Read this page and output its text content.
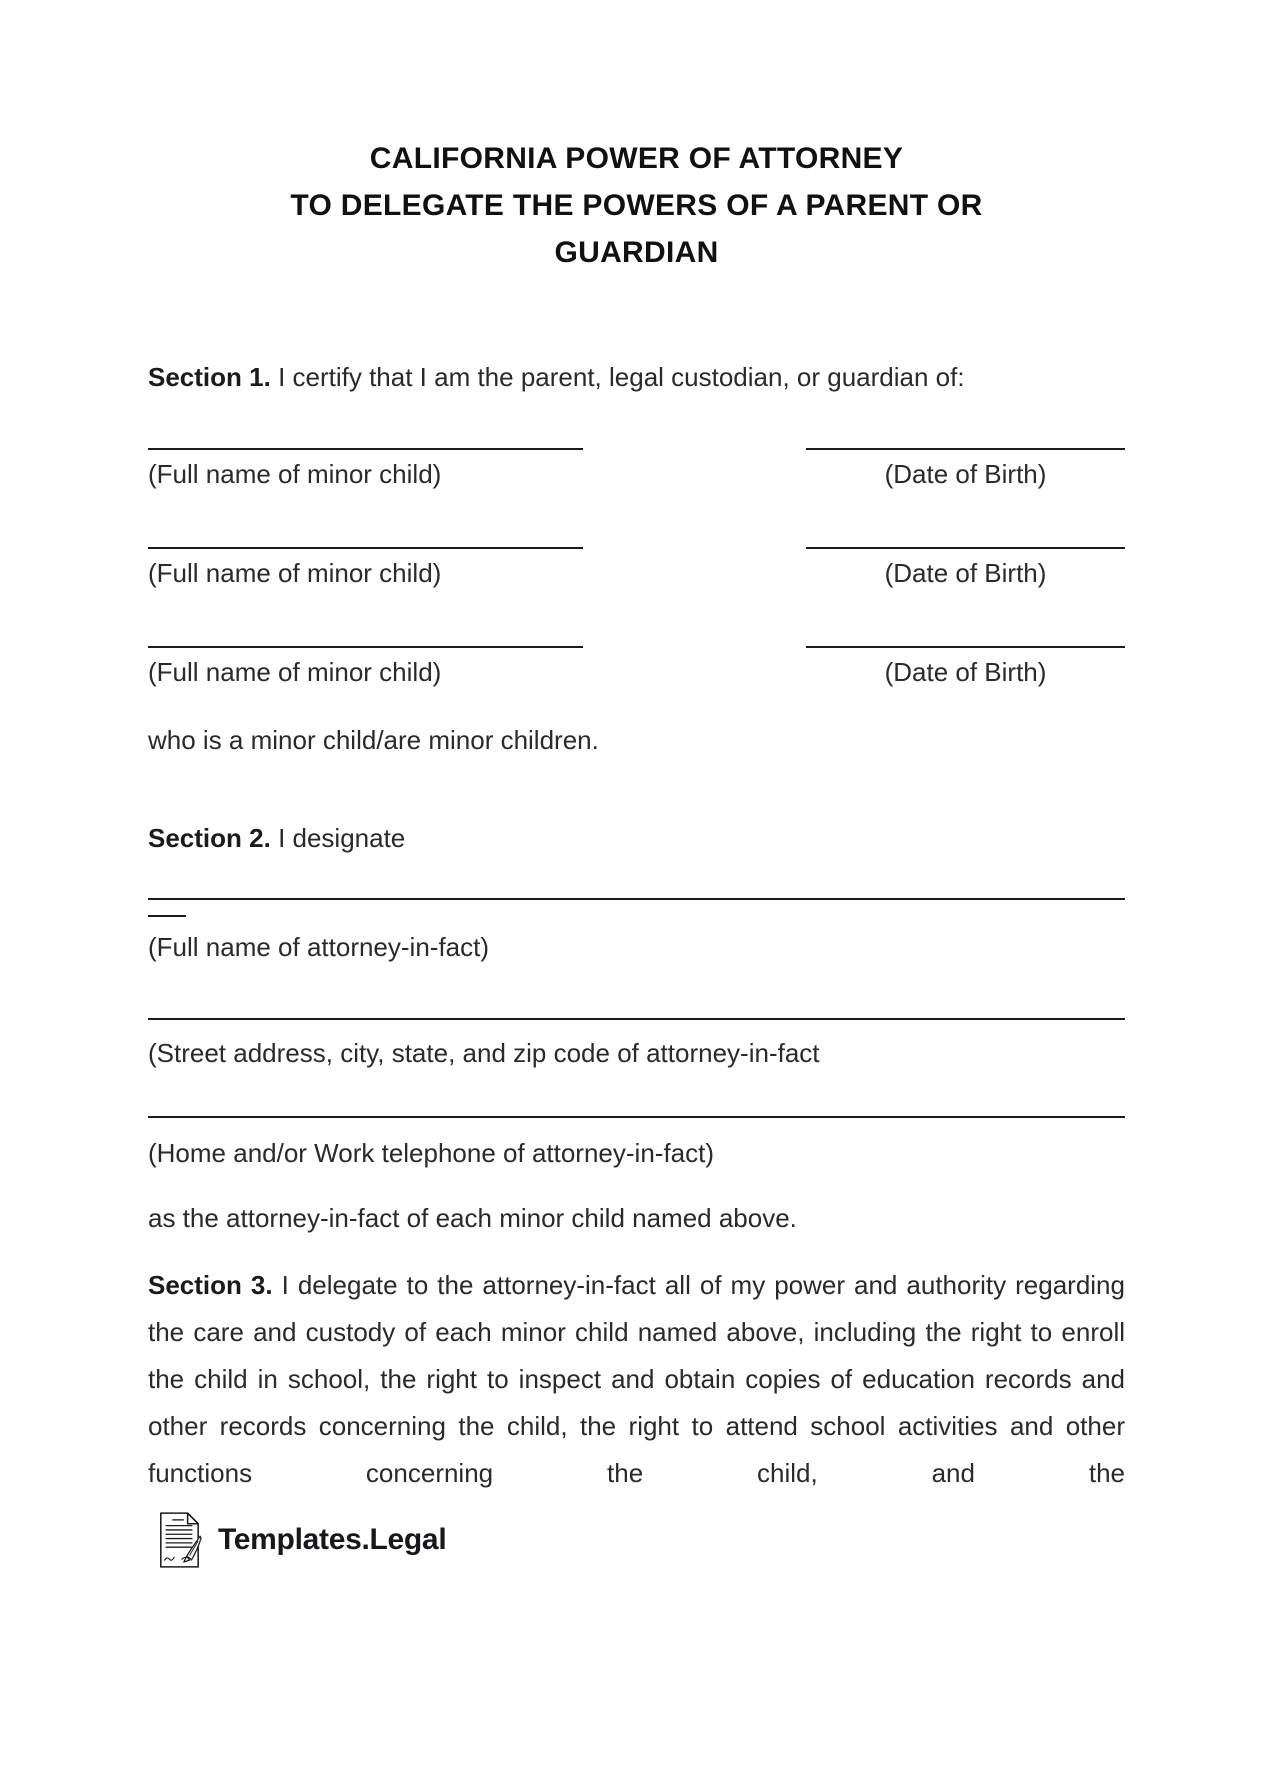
CALIFORNIA POWER OF ATTORNEY
TO DELEGATE THE POWERS OF A PARENT OR
GUARDIAN

Section 1. I certify that I am the parent, legal custodian, or guardian of:

(Full name of minor child)	(Date of Birth)
(Full name of minor child)	(Date of Birth)
(Full name of minor child)	(Date of Birth)

who is a minor child/are minor children.

Section 2. I designate

(Full name of attorney-in-fact)

(Street address, city, state, and zip code of attorney-in-fact

(Home and/or Work telephone of attorney-in-fact)

as the attorney-in-fact of each minor child named above.

Section 3. I delegate to the attorney-in-fact all of my power and authority regarding the care and custody of each minor child named above, including the right to enroll the child in school, the right to inspect and obtain copies of education records and other records concerning the child, the right to attend school activities and other functions concerning the child, and the

Templates.Legal
